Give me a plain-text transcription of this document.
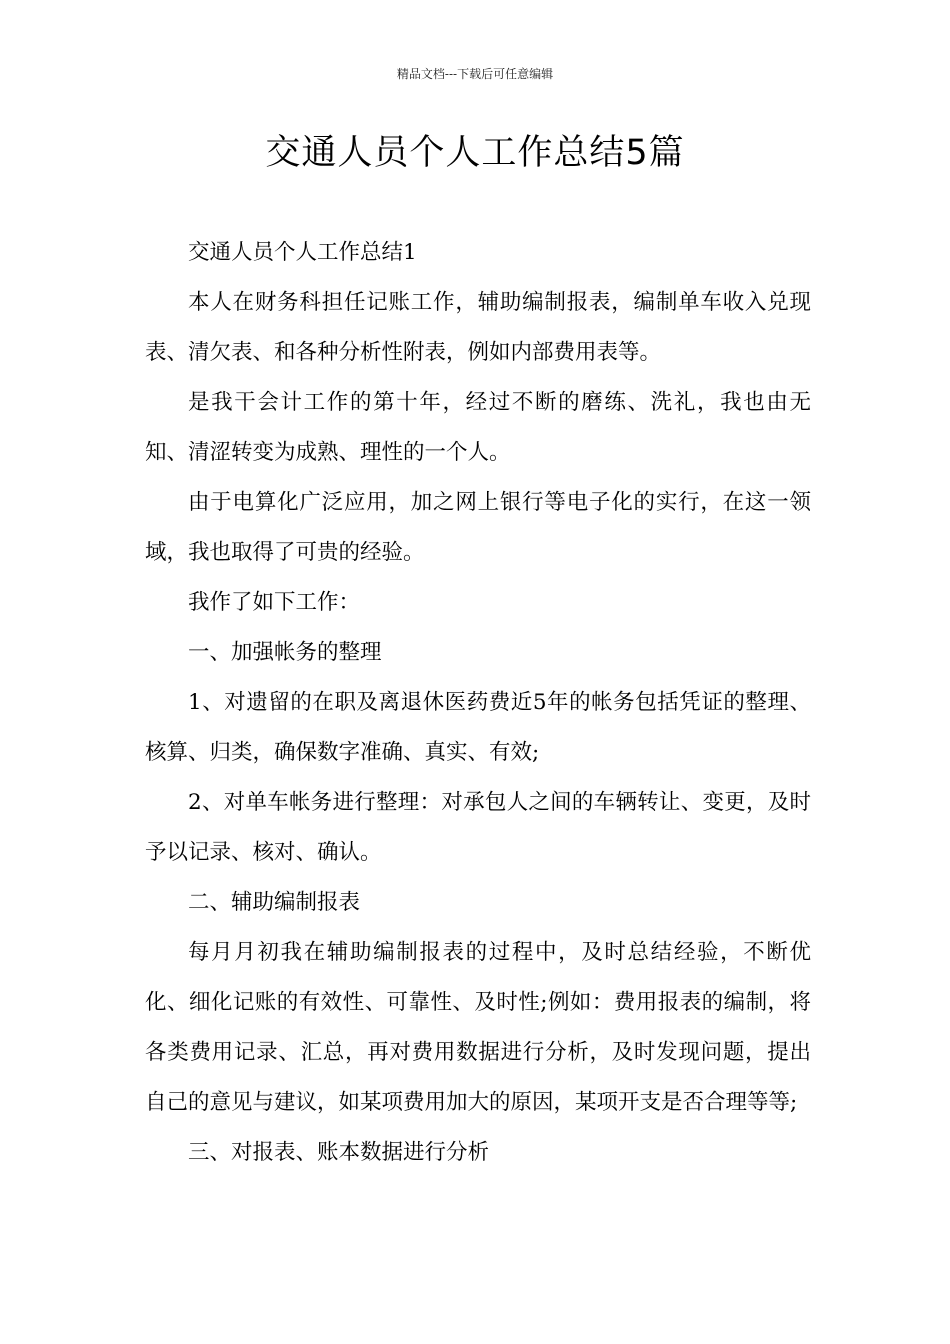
精品文档---下载后可任意编辑
交通人员个人工作总结5篇

交通人员个人工作总结1

本人在财务科担任记账工作，辅助编制报表，编制单车收入兑现表、清欠表、和各种分析性附表，例如内部费用表等。

是我干会计工作的第十年，经过不断的磨练、洗礼，我也由无知、清涩转变为成熟、理性的一个人。

由于电算化广泛应用，加之网上银行等电子化的实行，在这一领域，我也取得了可贵的经验。

我作了如下工作：

一、加强帐务的整理

1、对遗留的在职及离退休医药费近5年的帐务包括凭证的整理、核算、归类，确保数字准确、真实、有效;

2、对单车帐务进行整理：对承包人之间的车辆转让、变更，及时予以记录、核对、确认。

二、辅助编制报表

每月月初我在辅助编制报表的过程中，及时总结经验，不断优化、细化记账的有效性、可靠性、及时性;例如：费用报表的编制，将各类费用记录、汇总，再对费用数据进行分析，及时发现问题，提出自己的意见与建议，如某项费用加大的原因，某项开支是否合理等等;

三、对报表、账本数据进行分析
